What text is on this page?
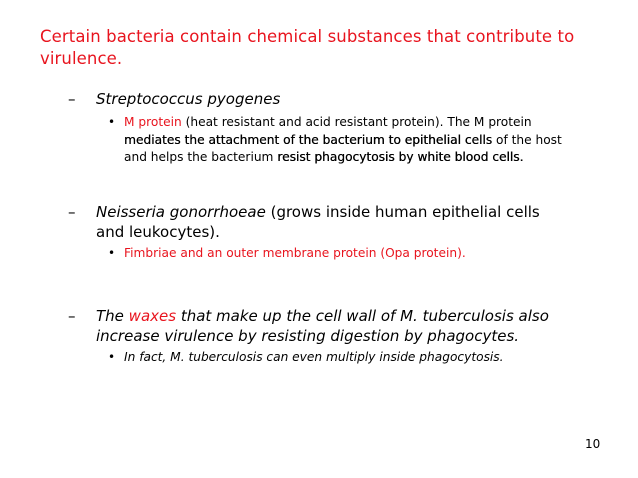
Certain bacteria contain chemical substances that contribute to virulence.
– Streptococcus pyogenes
• M protein (heat resistant and acid resistant protein). The M protein mediates the attachment of the bacterium to epithelial cells of the host and helps the bacterium resist phagocytosis by white blood cells.
– Neisseria gonorrhoeae (grows inside human epithelial cells and leukocytes).
• Fimbriae and an outer membrane protein (Opa protein).
– The waxes that make up the cell wall of M. tuberculosis also increase virulence by resisting digestion by phagocytes.
• In fact, M. tuberculosis can even multiply inside phagocytosis.
10
